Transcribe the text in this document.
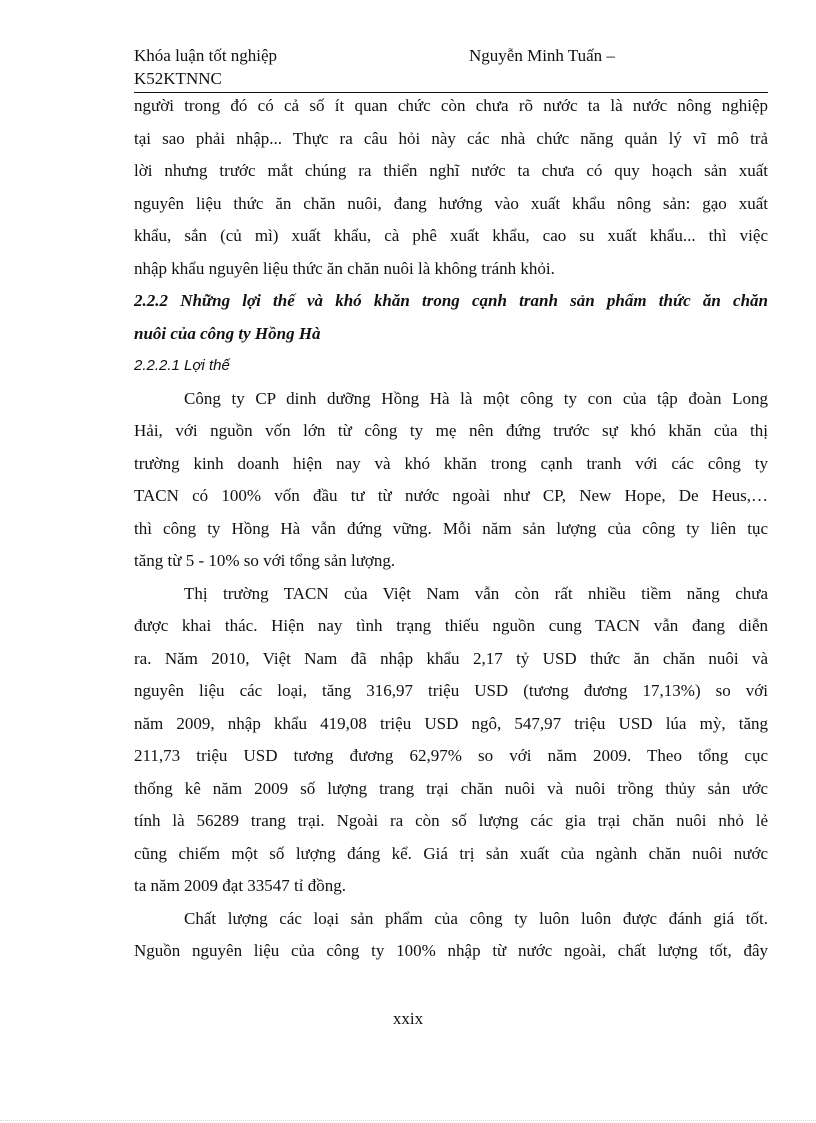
Khóa luận tốt nghiệp
K52KTNNC
Nguyễn Minh Tuấn –
người trong đó có cả số ít quan chức còn chưa rõ nước ta là nước nông nghiệp
tại sao phải nhập... Thực ra câu hỏi này các nhà chức năng quản lý vĩ mô trả
lời nhưng trước mắt chúng ra thiển nghĩ nước ta chưa có quy hoạch sản xuất
nguyên liệu thức ăn chăn nuôi, đang hướng vào xuất khẩu nông sản: gạo xuất
khẩu, sắn (củ mì) xuất khẩu, cà phê xuất khẩu, cao su xuất khẩu... thì việc
nhập khẩu nguyên liệu thức ăn chăn nuôi là không tránh khỏi.
2.2.2 Những lợi thế và khó khăn trong cạnh tranh sản phẩm thức ăn chăn
nuôi của công ty Hồng Hà
2.2.2.1 Lợi thế
Công ty CP dinh dưỡng Hồng Hà là một công ty con của tập đoàn Long
Hải, với nguồn vốn lớn từ công ty mẹ nên đứng trước sự khó khăn của thị
trường kinh doanh hiện nay và khó khăn trong cạnh tranh với các công ty
TACN có 100% vốn đầu tư từ nước ngoài như CP, New Hope, De Heus,…
thì công ty Hồng Hà vẫn đứng vững. Mỗi năm sản lượng của công ty liên tục
tăng từ 5 - 10% so với tổng sản lượng.
Thị trường TACN của Việt Nam vẫn còn rất nhiều tiềm năng chưa
được khai thác. Hiện nay tình trạng thiếu nguồn cung TACN vẫn đang diễn
ra. Năm 2010, Việt Nam đã nhập khẩu 2,17 tỷ USD thức ăn chăn nuôi và
nguyên liệu các loại, tăng 316,97 triệu USD (tương đương 17,13%) so với
năm 2009, nhập khẩu 419,08 triệu USD ngô, 547,97 triệu USD lúa mỳ, tăng
211,73 triệu USD tương đương 62,97% so với năm 2009. Theo tổng cục
thống kê năm 2009 số lượng trang trại chăn nuôi và nuôi trồng thủy sản ước
tính là 56289 trang trại. Ngoài ra còn số lượng các gia trại chăn nuôi nhỏ lẻ
cũng chiếm một số lượng đáng kể. Giá trị sản xuất của ngành chăn nuôi nước
ta năm 2009 đạt 33547 tỉ đồng.
Chất lượng các loại sản phẩm của công ty luôn luôn được đánh giá tốt.
Nguồn nguyên liệu của công ty 100% nhập từ nước ngoài, chất lượng tốt, đây
xxix
